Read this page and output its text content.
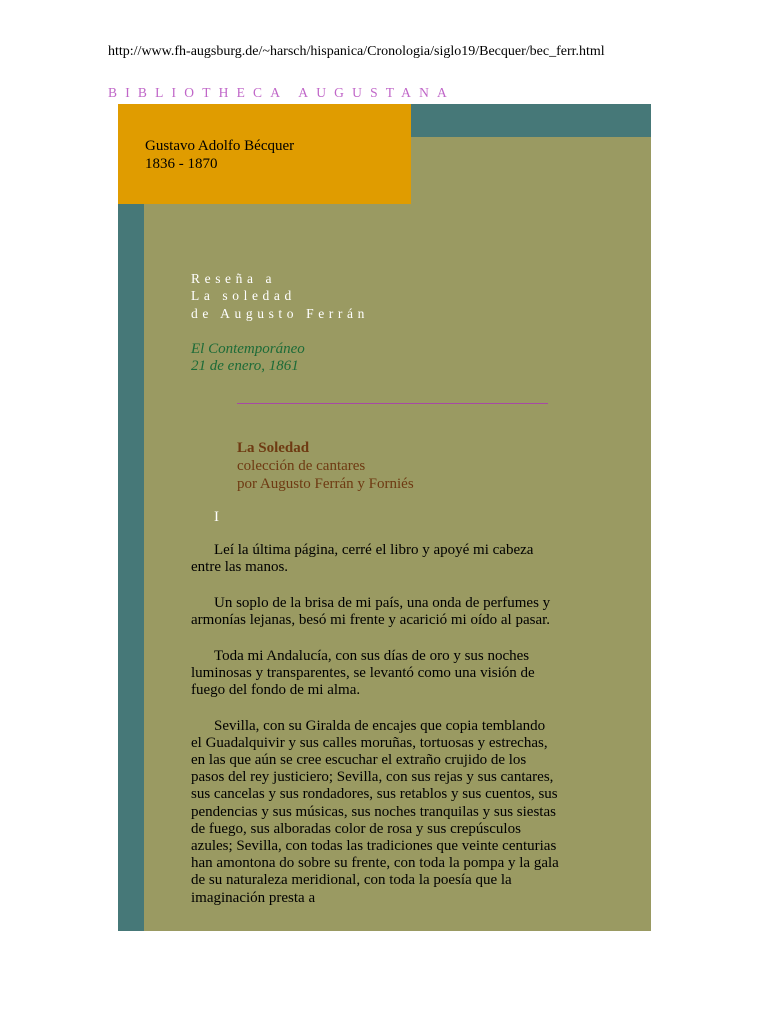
http://www.fh-augsburg.de/~harsch/hispanica/Cronologia/siglo19/Becquer/bec_ferr.html
BIBLIOTHECA AUGUSTANA
Gustavo Adolfo Bécquer
1836 - 1870
Reseña a
La soledad
de Augusto Ferrán
El Contemporáneo
21 de enero, 1861
La Soledad
colección de cantares
por Augusto Ferrán y Forniés
I

Leí la última página, cerré el libro y apoyé mi cabeza entre las manos.

Un soplo de la brisa de mi país, una onda de perfumes y armonías lejanas, besó mi frente y acarició mi oído al pasar.

Toda mi Andalucía, con sus días de oro y sus noches luminosas y transparentes, se levantó como una visión de fuego del fondo de mi alma.

Sevilla, con su Giralda de encajes que copia temblando el Guadalquivir y sus calles moruñas, tortuosas y estrechas, en las que aún se cree escuchar el extraño crujido de los pasos del rey justiciero; Sevilla, con sus rejas y sus cantares, sus cancelas y sus rondadores, sus retablos y sus cuentos, sus pendencias y sus músicas, sus noches tranquilas y sus siestas de fuego, sus alboradas color de rosa y sus crepúsculos azules; Sevilla, con todas las tradiciones que veinte centurias han amontona do sobre su frente, con toda la pompa y la gala de su naturaleza meridional, con toda la poesía que la imaginación presta a
